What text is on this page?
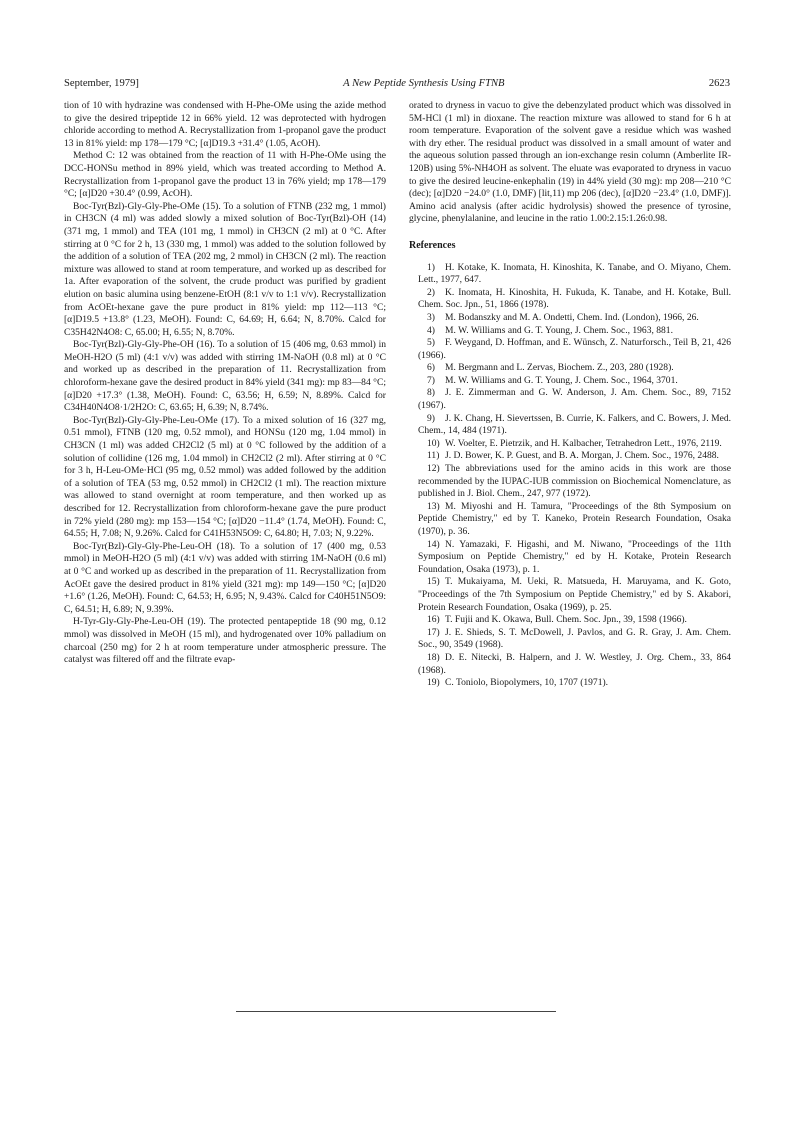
September, 1979]	A New Peptide Synthesis Using FTNB	2623

tion of 10 with hydrazine was condensed with H-Phe-OMe using the azide method to give the desired tripeptide 12 in 66% yield. 12 was deprotected with hydrogen chloride according to method A. Recrystallization from 1-propanol gave the product 13 in 81% yield: mp 178—179 °C; [α]D19.3 +31.4° (1.05, AcOH).

Method C: 12 was obtained from the reaction of 11 with H-Phe-OMe using the DCC-HONSu method in 89% yield, which was treated according to Method A. Recrystallization from 1-propanol gave the product 13 in 76% yield; mp 178—179 °C; [α]D20 +30.4° (0.99, AcOH).

Boc-Tyr(Bzl)-Gly-Gly-Phe-OMe (15). To a solution of FTNB (232 mg, 1 mmol) in CH3CN (4 ml) was added slowly a mixed solution of Boc-Tyr(Bzl)-OH (14) (371 mg, 1 mmol) and TEA (101 mg, 1 mmol) in CH3CN (2 ml) at 0 °C. After stirring at 0 °C for 2 h, 13 (330 mg, 1 mmol) was added to the solution followed by the addition of a solution of TEA (202 mg, 2 mmol) in CH3CN (2 ml). The reaction mixture was allowed to stand at room temperature, and worked up as described for 1a. After evaporation of the solvent, the crude product was purified by gradient elution on basic alumina using benzene-EtOH (8:1 v/v to 1:1 v/v). Recrystallization from AcOEt-hexane gave the pure product in 81% yield: mp 112—113 °C; [α]D19.5 +13.8° (1.23, MeOH). Found: C, 64.69; H, 6.64; N, 8.70%. Calcd for C35H42N4O8: C, 65.00; H, 6.55; N, 8.70%.

Boc-Tyr(Bzl)-Gly-Gly-Phe-OH (16). To a solution of 15 (406 mg, 0.63 mmol) in MeOH-H2O (5 ml) (4:1 v/v) was added with stirring 1M-NaOH (0.8 ml) at 0 °C and worked up as described in the preparation of 11. Recrystallization from chloroform-hexane gave the desired product in 84% yield (341 mg): mp 83—84 °C; [α]D20 +17.3° (1.38, MeOH). Found: C, 63.56; H, 6.59; N, 8.89%. Calcd for C34H40N4O8·1/2H2O: C, 63.65; H, 6.39; N, 8.74%.

Boc-Tyr(Bzl)-Gly-Gly-Phe-Leu-OMe (17). To a mixed solution of 16 (327 mg, 0.51 mmol), FTNB (120 mg, 0.52 mmol), and HONSu (120 mg, 1.04 mmol) in CH3CN (1 ml) was added CH2Cl2 (5 ml) at 0 °C followed by the addition of a solution of collidine (126 mg, 1.04 mmol) in CH2Cl2 (2 ml). After stirring at 0 °C for 3 h, H-Leu-OMe·HCl (95 mg, 0.52 mmol) was added followed by the addition of a solution of TEA (53 mg, 0.52 mmol) in CH2Cl2 (1 ml). The reaction mixture was allowed to stand overnight at room temperature, and then worked up as described for 12. Recrystallization from chloroform-hexane gave the pure product in 72% yield (280 mg): mp 153—154 °C; [α]D20 −11.4° (1.74, MeOH). Found: C, 64.55; H, 7.08; N, 9.26%. Calcd for C41H53N5O9: C, 64.80; H, 7.03; N, 9.22%.

Boc-Tyr(Bzl)-Gly-Gly-Phe-Leu-OH (18). To a solution of 17 (400 mg, 0.53 mmol) in MeOH-H2O (5 ml) (4:1 v/v) was added with stirring 1M-NaOH (0.6 ml) at 0 °C and worked up as described in the preparation of 11. Recrystallization from AcOEt gave the desired product in 81% yield (321 mg): mp 149—150 °C; [α]D20 +1.6° (1.26, MeOH). Found: C, 64.53; H, 6.95; N, 9.43%. Calcd for C40H51N5O9: C, 64.51; H, 6.89; N, 9.39%.

H-Tyr-Gly-Gly-Phe-Leu-OH (19). The protected pentapeptide 18 (90 mg, 0.12 mmol) was dissolved in MeOH (15 ml), and hydrogenated over 10% palladium on charcoal (250 mg) for 2 h at room temperature under atmospheric pressure. The catalyst was filtered off and the filtrate evap-

orated to dryness in vacuo to give the debenzylated product which was dissolved in 5M-HCl (1 ml) in dioxane. The reaction mixture was allowed to stand for 6 h at room temperature. Evaporation of the solvent gave a residue which was washed with dry ether. The residual product was dissolved in a small amount of water and the aqueous solution passed through an ion-exchange resin column (Amberlite IR-120B) using 5%-NH4OH as solvent. The eluate was evaporated to dryness in vacuo to give the desired leucine-enkephalin (19) in 44% yield (30 mg): mp 208—210 °C (dec); [α]D20 −24.0° (1.0, DMF) [lit,11) mp 206 (dec), [α]D20 −23.4° (1.0, DMF)]. Amino acid analysis (after acidic hydrolysis) showed the presence of tyrosine, glycine, phenylalanine, and leucine in the ratio 1.00:2.15:1.26:0.98.

References

1) H. Kotake, K. Inomata, H. Kinoshita, K. Tanabe, and O. Miyano, Chem. Lett., 1977, 647.

2) K. Inomata, H. Kinoshita, H. Fukuda, K. Tanabe, and H. Kotake, Bull. Chem. Soc. Jpn., 51, 1866 (1978).

3) M. Bodanszky and M. A. Ondetti, Chem. Ind. (London), 1966, 26.

4) M. W. Williams and G. T. Young, J. Chem. Soc., 1963, 881.

5) F. Weygand, D. Hoffman, and E. Wünsch, Z. Naturforsch., Teil B, 21, 426 (1966).

6) M. Bergmann and L. Zervas, Biochem. Z., 203, 280 (1928).

7) M. W. Williams and G. T. Young, J. Chem. Soc., 1964, 3701.

8) J. E. Zimmerman and G. W. Anderson, J. Am. Chem. Soc., 89, 7152 (1967).

9) J. K. Chang, H. Sievertssen, B. Currie, K. Falkers, and C. Bowers, J. Med. Chem., 14, 484 (1971).

10) W. Voelter, E. Pietrzik, and H. Kalbacher, Tetrahedron Lett., 1976, 2119.

11) J. D. Bower, K. P. Guest, and B. A. Morgan, J. Chem. Soc., 1976, 2488.

12) The abbreviations used for the amino acids in this work are those recommended by the IUPAC-IUB commission on Biochemical Nomenclature, as published in J. Biol. Chem., 247, 977 (1972).

13) M. Miyoshi and H. Tamura, "Proceedings of the 8th Symposium on Peptide Chemistry," ed by T. Kaneko, Protein Research Foundation, Osaka (1970), p. 36.

14) N. Yamazaki, F. Higashi, and M. Niwano, "Proceedings of the 11th Symposium on Peptide Chemistry," ed by H. Kotake, Protein Research Foundation, Osaka (1973), p. 1.

15) T. Mukaiyama, M. Ueki, R. Matsueda, H. Maruyama, and K. Goto, "Proceedings of the 7th Symposium on Peptide Chemistry," ed by S. Akabori, Protein Research Foundation, Osaka (1969), p. 25.

16) T. Fujii and K. Okawa, Bull. Chem. Soc. Jpn., 39, 1598 (1966).

17) J. E. Shieds, S. T. McDowell, J. Pavlos, and G. R. Gray, J. Am. Chem. Soc., 90, 3549 (1968).

18) D. E. Nitecki, B. Halpern, and J. W. Westley, J. Org. Chem., 33, 864 (1968).

19) C. Toniolo, Biopolymers, 10, 1707 (1971).
